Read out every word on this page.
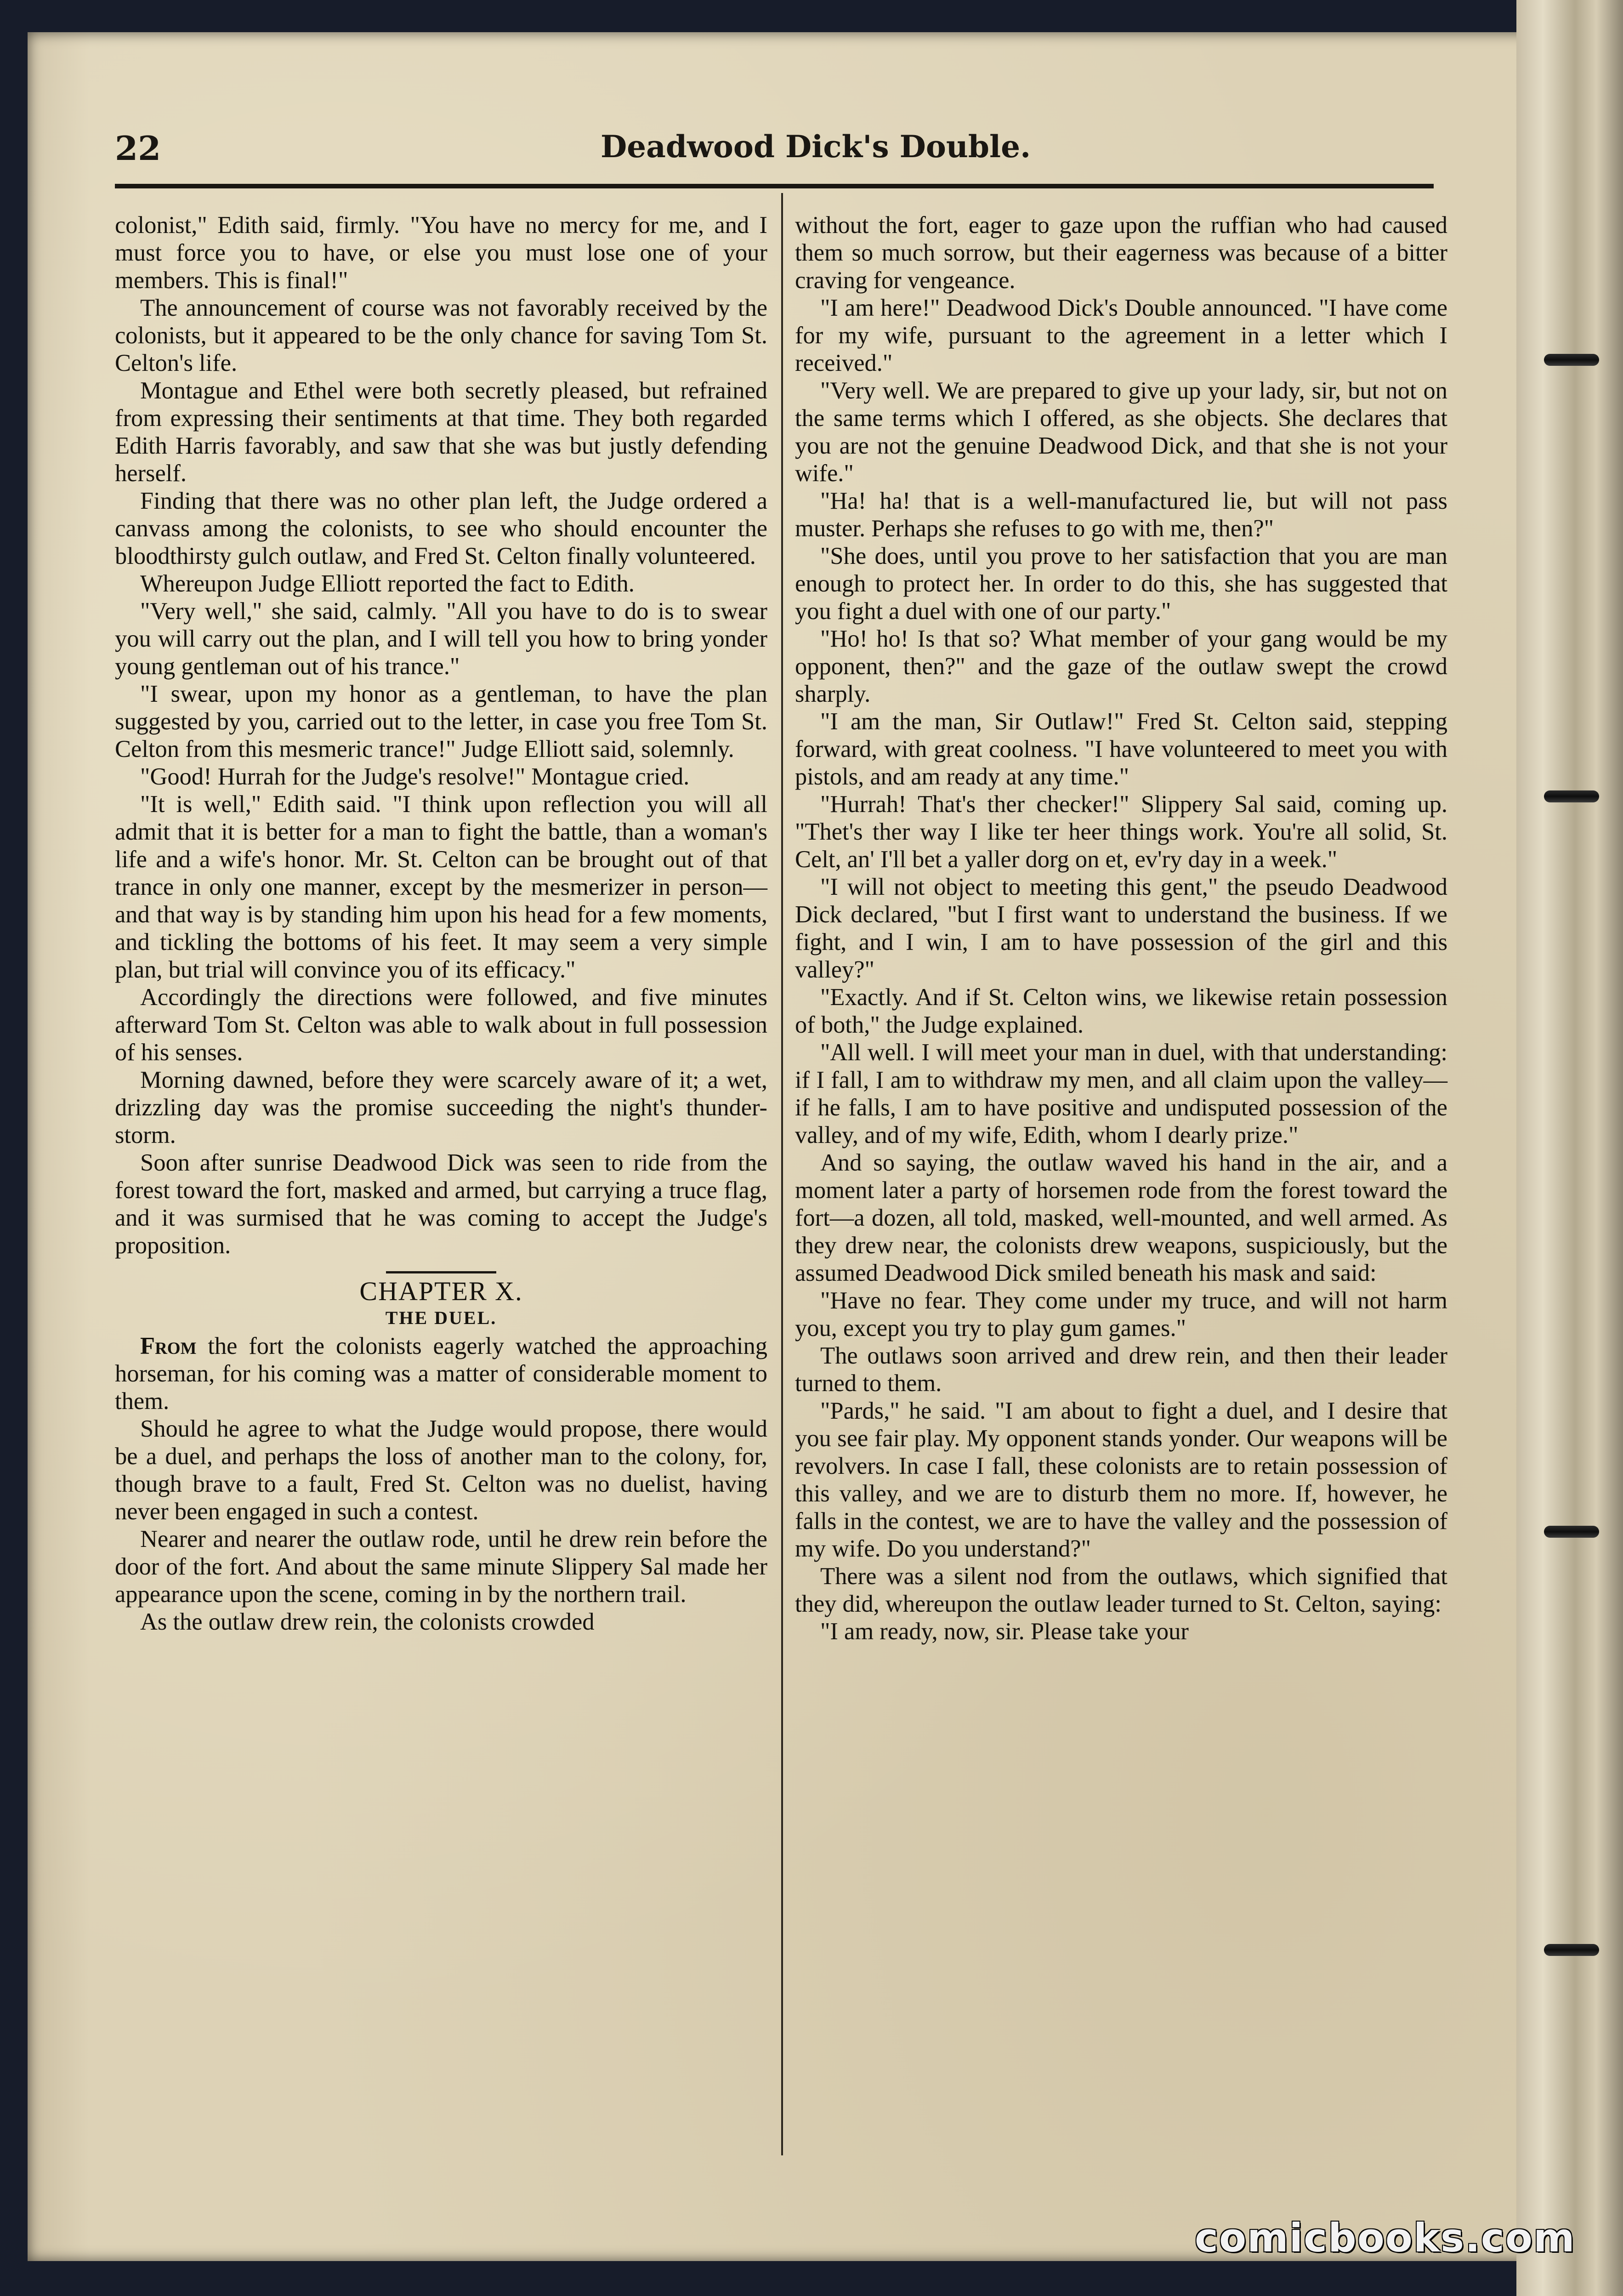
22	Deadwood Dick's Double.

colonist," Edith said, firmly. "You have no mercy for me, and I must force you to have, or else you must lose one of your members. This is final!"

The announcement of course was not favorably received by the colonists, but it appeared to be the only chance for saving Tom St. Celton's life.

Montague and Ethel were both secretly pleased, but refrained from expressing their sentiments at that time. They both regarded Edith Harris favorably, and saw that she was but justly defending herself.

Finding that there was no other plan left, the Judge ordered a canvass among the colonists, to see who should encounter the bloodthirsty gulch outlaw, and Fred St. Celton finally volunteered.

Whereupon Judge Elliott reported the fact to Edith.

"Very well," she said, calmly. "All you have to do is to swear you will carry out the plan, and I will tell you how to bring yonder young gentleman out of his trance."

"I swear, upon my honor as a gentleman, to have the plan suggested by you, carried out to the letter, in case you free Tom St. Celton from this mesmeric trance!" Judge Elliott said, solemnly.

"Good! Hurrah for the Judge's resolve!" Montague cried.

"It is well," Edith said. "I think upon reflection you will all admit that it is better for a man to fight the battle, than a woman's life and a wife's honor. Mr. St. Celton can be brought out of that trance in only one manner, except by the mesmerizer in person—and that way is by standing him upon his head for a few moments, and tickling the bottoms of his feet. It may seem a very simple plan, but trial will convince you of its efficacy."

Accordingly the directions were followed, and five minutes afterward Tom St. Celton was able to walk about in full possession of his senses.

Morning dawned, before they were scarcely aware of it; a wet, drizzling day was the promise succeeding the night's thunder-storm.

Soon after sunrise Deadwood Dick was seen to ride from the forest toward the fort, masked and armed, but carrying a truce flag, and it was surmised that he was coming to accept the Judge's proposition.

CHAPTER X.
THE DUEL.

From the fort the colonists eagerly watched the approaching horseman, for his coming was a matter of considerable moment to them.

Should he agree to what the Judge would propose, there would be a duel, and perhaps the loss of another man to the colony, for, though brave to a fault, Fred St. Celton was no duelist, having never been engaged in such a contest.

Nearer and nearer the outlaw rode, until he drew rein before the door of the fort. And about the same minute Slippery Sal made her appearance upon the scene, coming in by the northern trail.

As the outlaw drew rein, the colonists crowded

without the fort, eager to gaze upon the ruffian who had caused them so much sorrow, but their eagerness was because of a bitter craving for vengeance.

"I am here!" Deadwood Dick's Double announced. "I have come for my wife, pursuant to the agreement in a letter which I received."

"Very well. We are prepared to give up your lady, sir, but not on the same terms which I offered, as she objects. She declares that you are not the genuine Deadwood Dick, and that she is not your wife."

"Ha! ha! that is a well-manufactured lie, but will not pass muster. Perhaps she refuses to go with me, then?"

"She does, until you prove to her satisfaction that you are man enough to protect her. In order to do this, she has suggested that you fight a duel with one of our party."

"Ho! ho! Is that so? What member of your gang would be my opponent, then?" and the gaze of the outlaw swept the crowd sharply.

"I am the man, Sir Outlaw!" Fred St. Celton said, stepping forward, with great coolness. "I have volunteered to meet you with pistols, and am ready at any time."

"Hurrah! That's ther checker!" Slippery Sal said, coming up. "Thet's ther way I like ter heer things work. You're all solid, St. Celt, an' I'll bet a yaller dorg on et, ev'ry day in a week."

"I will not object to meeting this gent," the pseudo Deadwood Dick declared, "but I first want to understand the business. If we fight, and I win, I am to have possession of the girl and this valley?"

"Exactly. And if St. Celton wins, we likewise retain possession of both," the Judge explained.

"All well. I will meet your man in duel, with that understanding: if I fall, I am to withdraw my men, and all claim upon the valley—if he falls, I am to have positive and undisputed possession of the valley, and of my wife, Edith, whom I dearly prize."

And so saying, the outlaw waved his hand in the air, and a moment later a party of horsemen rode from the forest toward the fort—a dozen, all told, masked, well-mounted, and well armed. As they drew near, the colonists drew weapons, suspiciously, but the assumed Deadwood Dick smiled beneath his mask and said:

"Have no fear. They come under my truce, and will not harm you, except you try to play gum games."

The outlaws soon arrived and drew rein, and then their leader turned to them.

"Pards," he said. "I am about to fight a duel, and I desire that you see fair play. My opponent stands yonder. Our weapons will be revolvers. In case I fall, these colonists are to retain possession of this valley, and we are to disturb them no more. If, however, he falls in the contest, we are to have the valley and the possession of my wife. Do you understand?"

There was a silent nod from the outlaws, which signified that they did, whereupon the outlaw leader turned to St. Celton, saying:

"I am ready, now, sir. Please take your

comicbooks.com
